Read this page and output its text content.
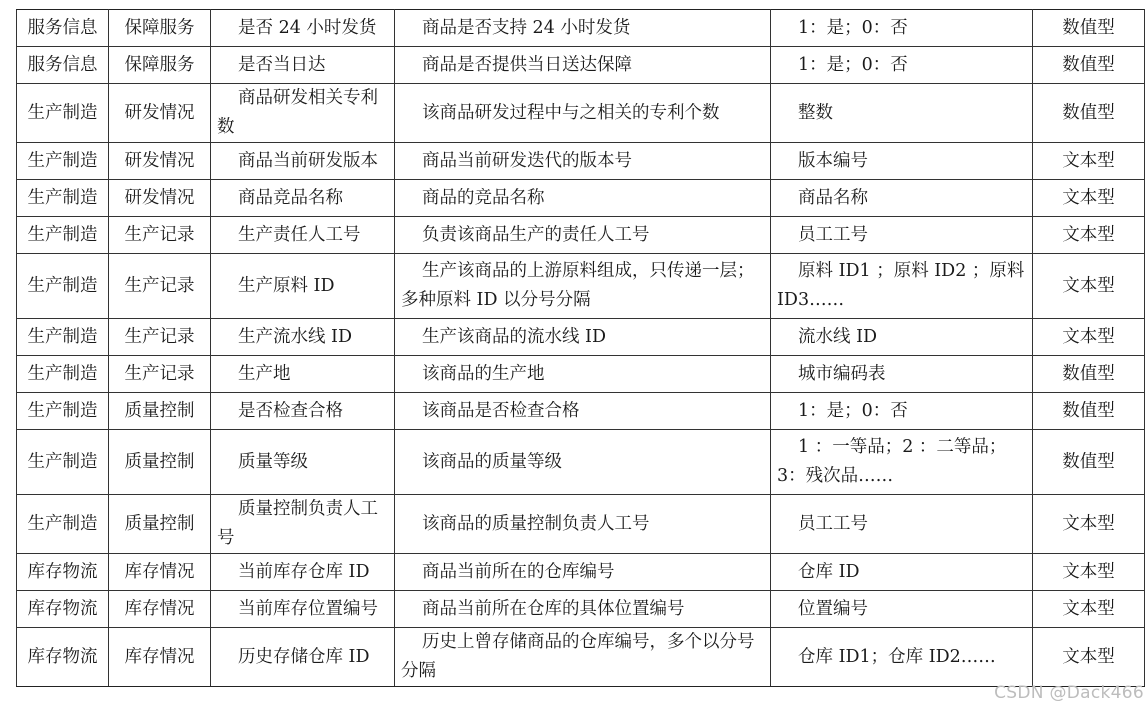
服务信息	保障服务	是否 24 小时发货	商品是否支持 24 小时发货	1：是；0：否	数值型
服务信息	保障服务	是否当日达	商品是否提供当日送达保障	1：是；0：否	数值型
生产制造	研发情况	商品研发相关专利数	该商品研发过程中与之相关的专利个数	整数	数值型
生产制造	研发情况	商品当前研发版本	商品当前研发迭代的版本号	版本编号	文本型
生产制造	研发情况	商品竞品名称	商品的竞品名称	商品名称	文本型
生产制造	生产记录	生产责任人工号	负责该商品生产的责任人工号	员工工号	文本型
生产制造	生产记录	生产原料 ID	生产该商品的上游原料组成，只传递一层；多种原料 ID 以分号分隔	原料 ID1 ；原料 ID2 ；原料 ID3……	文本型
生产制造	生产记录	生产流水线 ID	生产该商品的流水线 ID	流水线 ID	文本型
生产制造	生产记录	生产地	该商品的生产地	城市编码表	数值型
生产制造	质量控制	是否检查合格	该商品是否检查合格	1：是；0：否	数值型
生产制造	质量控制	质量等级	该商品的质量等级	1 ：一等品；2 ：二等品；3：残次品……	数值型
生产制造	质量控制	质量控制负责人工号	该商品的质量控制负责人工号	员工工号	文本型
库存物流	库存情况	当前库存仓库 ID	商品当前所在的仓库编号	仓库 ID	文本型
库存物流	库存情况	当前库存位置编号	商品当前所在仓库的具体位置编号	位置编号	文本型
库存物流	库存情况	历史存储仓库 ID	历史上曾存储商品的仓库编号，多个以分号分隔	仓库 ID1；仓库 ID2……	文本型
CSDN @Dack466
